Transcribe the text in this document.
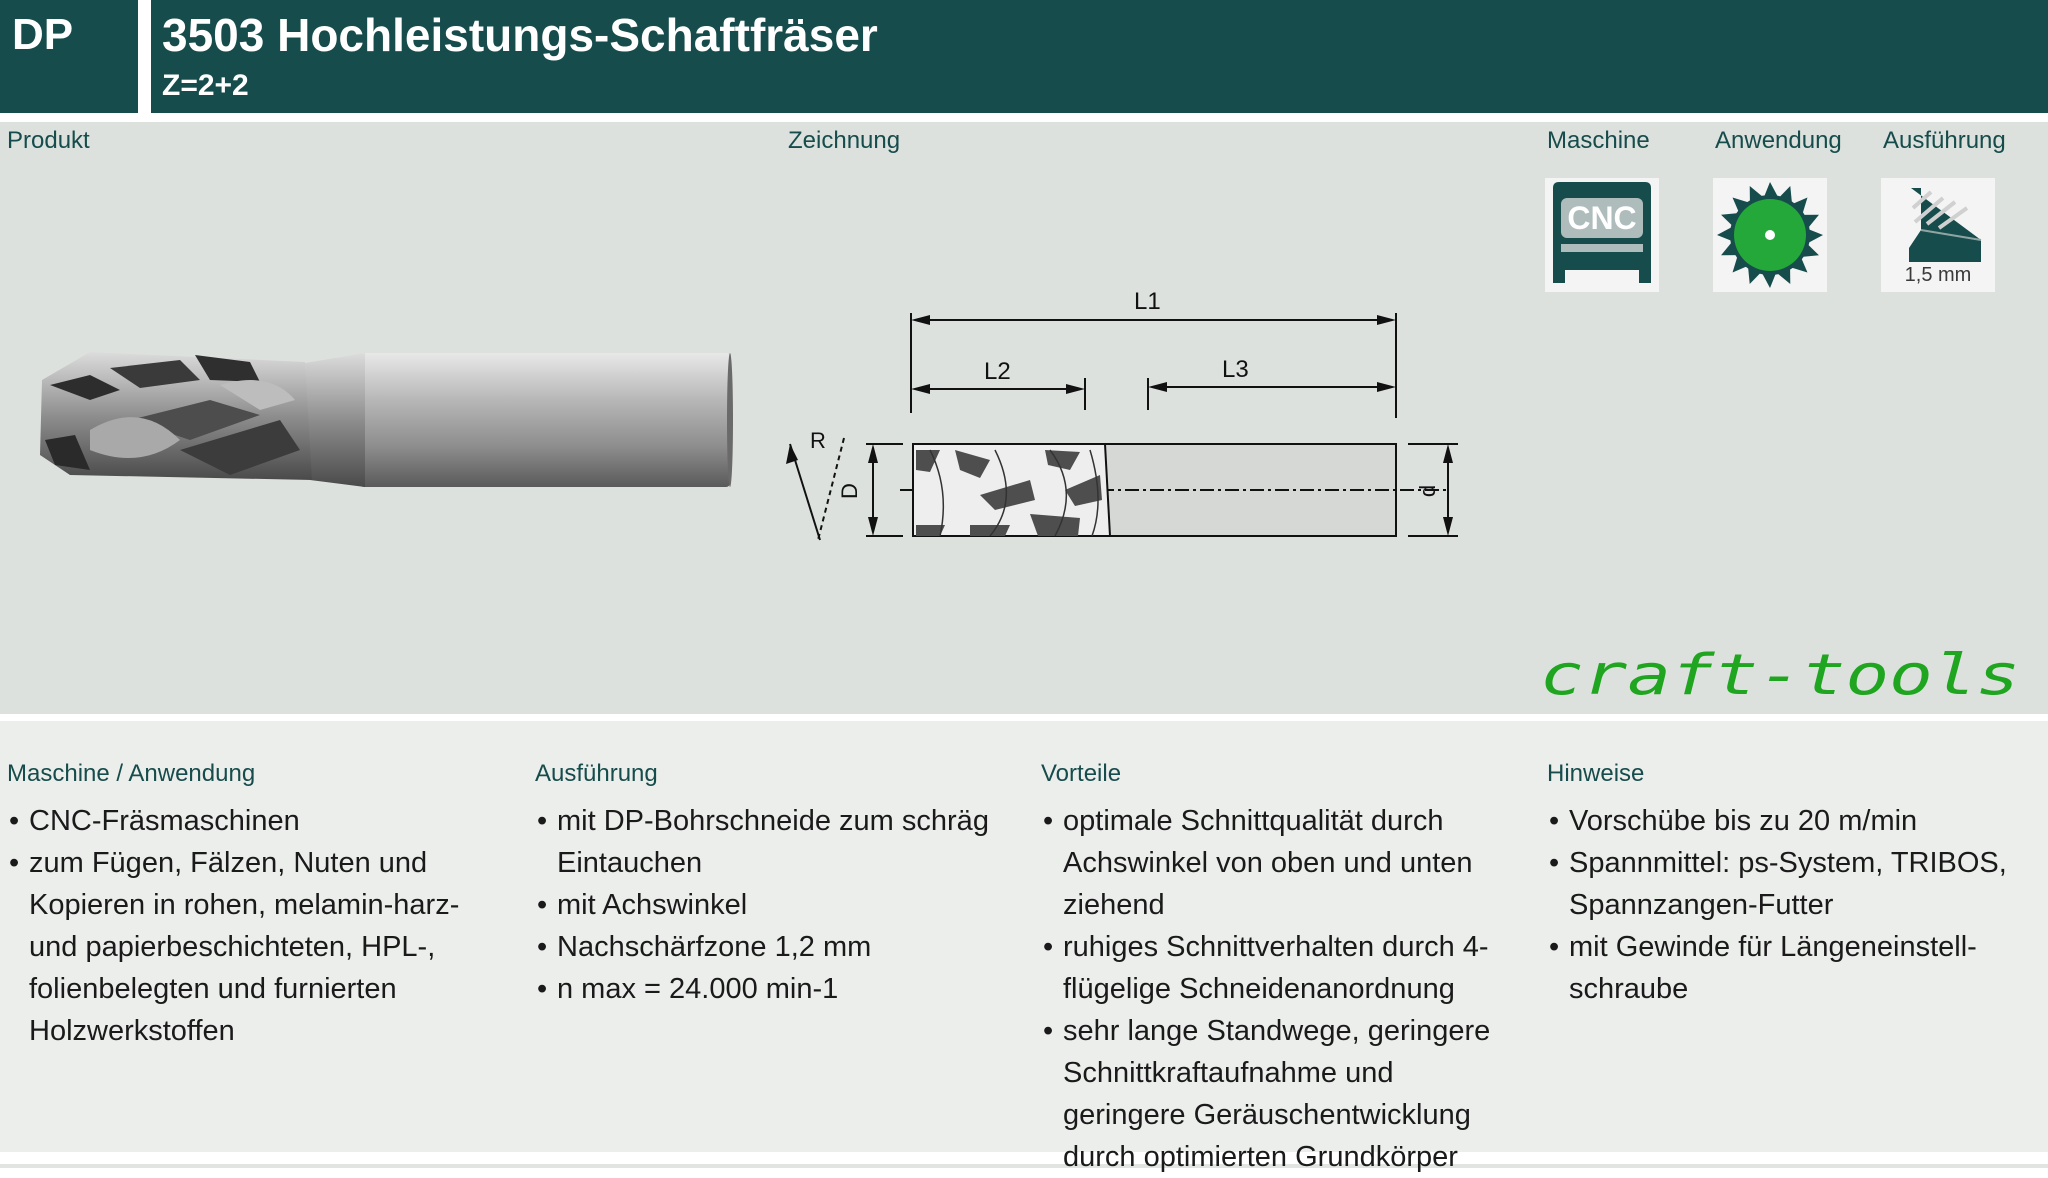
DP 3503 Hochleistungs-Schaftfräser
Z=2+2
Produkt	Zeichnung	Maschine	Anwendung Ausführung
L1
L2	L3
R
D	d
CNC
1,5 mm
craft-tools
Maschine / Anwendung
• CNC-Fräsmaschinen
• zum Fügen, Fälzen, Nuten und Kopieren in rohen, melamin-harz- und papierbeschichteten, HPL-, folienbelegten und furnierten Holzwerkstoffen
Ausführung
• mit DP-Bohrschneide zum schräg Eintauchen
• mit Achswinkel
• Nachschärfzone 1,2 mm
• n max = 24.000 min-1
Vorteile
• optimale Schnittqualität durch Achswinkel von oben und unten ziehend
• ruhiges Schnittverhalten durch 4-flügelige Schneidenanordnung
• sehr lange Standwege, geringere Schnittkraftaufnahme und geringere Geräuschentwicklung durch optimierten Grundkörper
Hinweise
• Vorschübe bis zu 20 m/min
• Spannmittel: ps-System, TRIBOS, Spannzangen-Futter
• mit Gewinde für Längeneinstell-schraube
